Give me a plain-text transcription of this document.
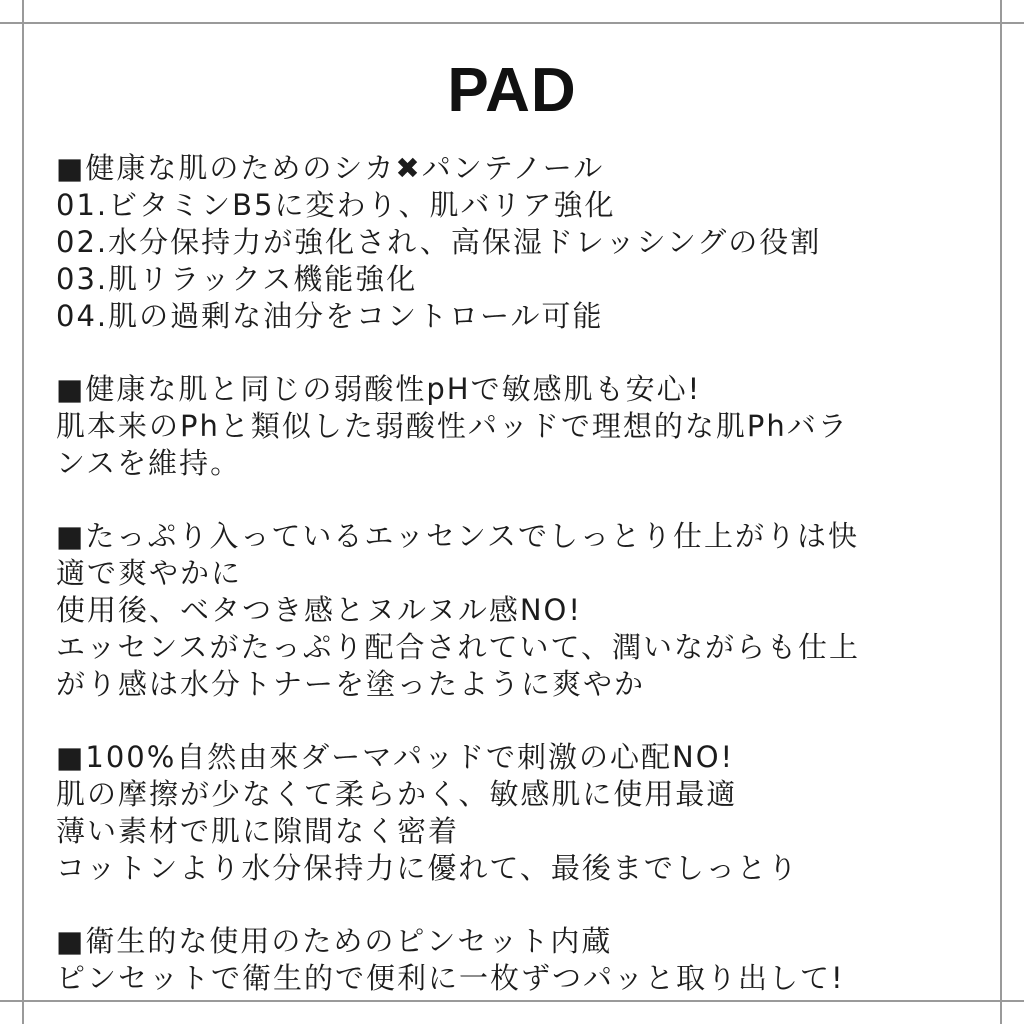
PAD
■健康な肌のためのシカ✖パンテノール
01.ビタミンB5に変わり、肌バリア強化
02.水分保持力が強化され、高保湿ドレッシングの役割
03.肌リラックス機能強化
04.肌の過剰な油分をコントロール可能
■健康な肌と同じの弱酸性pHで敏感肌も安心!
肌本来のPhと類似した弱酸性パッドで理想的な肌Phバラ
ンスを維持。
■たっぷり入っているエッセンスでしっとり仕上がりは快
適で爽やかに
使用後、ベタつき感とヌルヌル感NO!
エッセンスがたっぷり配合されていて、潤いながらも仕上
がり感は水分トナーを塗ったように爽やか
■100%自然由來ダーマパッドで刺激の心配NO!
肌の摩擦が少なくて柔らかく、敏感肌に使用最適
薄い素材で肌に隙間なく密着
コットンより水分保持力に優れて、最後までしっとり
■衛生的な使用のためのピンセット内蔵
ピンセットで衛生的で便利に一枚ずつパッと取り出して!
